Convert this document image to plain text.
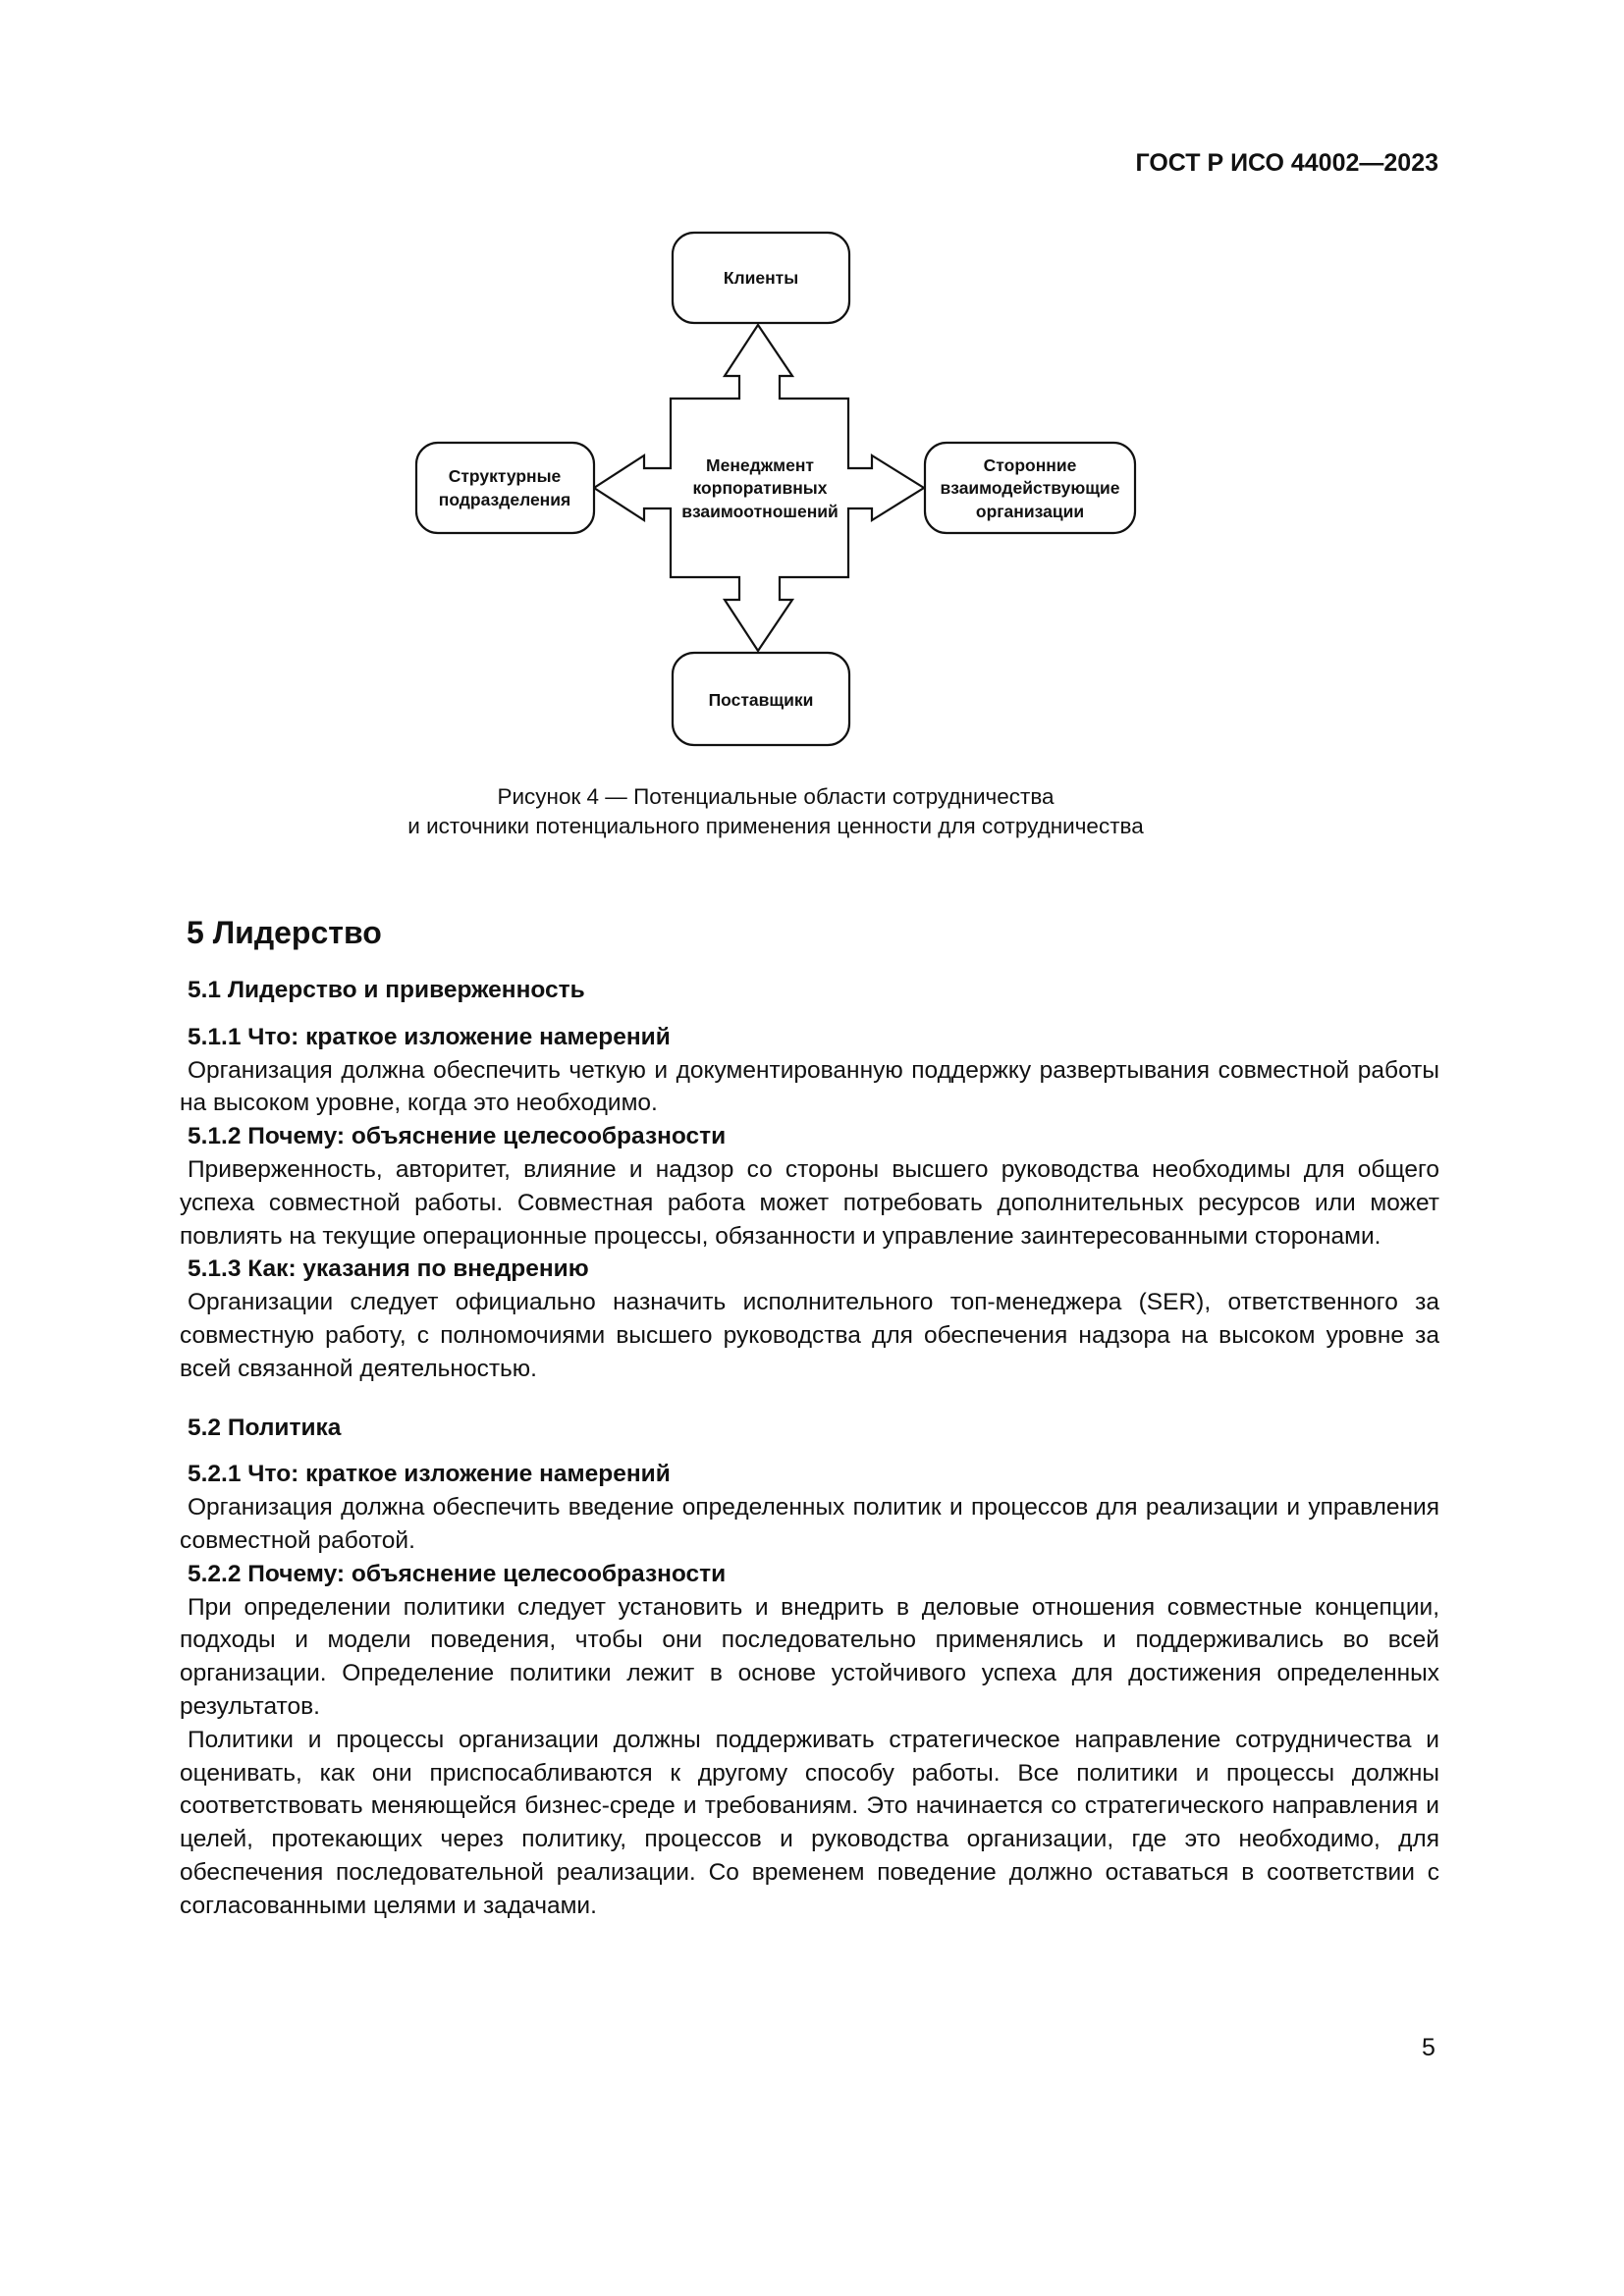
ГОСТ Р ИСО 44002—2023
Клиенты
Поставщики
Структурные
подразделения
Сторонние
взаимодействующие
организации
Менеджмент
корпоративных
взаимоотношений
Рисунок 4 — Потенциальные области сотрудничества
и источники потенциального применения ценности для сотрудничества
5 Лидерство
5.1 Лидерство и приверженность
5.1.1 Что: краткое изложение намерений

Организация должна обеспечить четкую и документированную поддержку развертывания совместной работы на высоком уровне, когда это необходимо.

5.1.2 Почему: объяснение целесообразности

Приверженность, авторитет, влияние и надзор со стороны высшего руководства необходимы для общего успеха совместной работы. Совместная работа может потребовать дополнительных ресурсов или может повлиять на текущие операционные процессы, обязанности и управление заинтересованными сторонами.

5.1.3 Как: указания по внедрению

Организации следует официально назначить исполнительного топ-менеджера (SER), ответственного за совместную работу, с полномочиями высшего руководства для обеспечения надзора на высоком уровне за всей связанной деятельностью.

5.2 Политика
5.2.1 Что: краткое изложение намерений

Организация должна обеспечить введение определенных политик и процессов для реализации и управления совместной работой.

5.2.2 Почему: объяснение целесообразности

При определении политики следует установить и внедрить в деловые отношения совместные концепции, подходы и модели поведения, чтобы они последовательно применялись и поддерживались во всей организации. Определение политики лежит в основе устойчивого успеха для достижения определенных результатов.

Политики и процессы организации должны поддерживать стратегическое направление сотрудничества и оценивать, как они приспосабливаются к другому способу работы. Все политики и процессы должны соответствовать меняющейся бизнес-среде и требованиям. Это начинается со стратегического направления и целей, протекающих через политику, процессов и руководства организации, где это необходимо, для обеспечения последовательной реализации. Со временем поведение должно оставаться в соответствии с согласованными целями и задачами.

5
